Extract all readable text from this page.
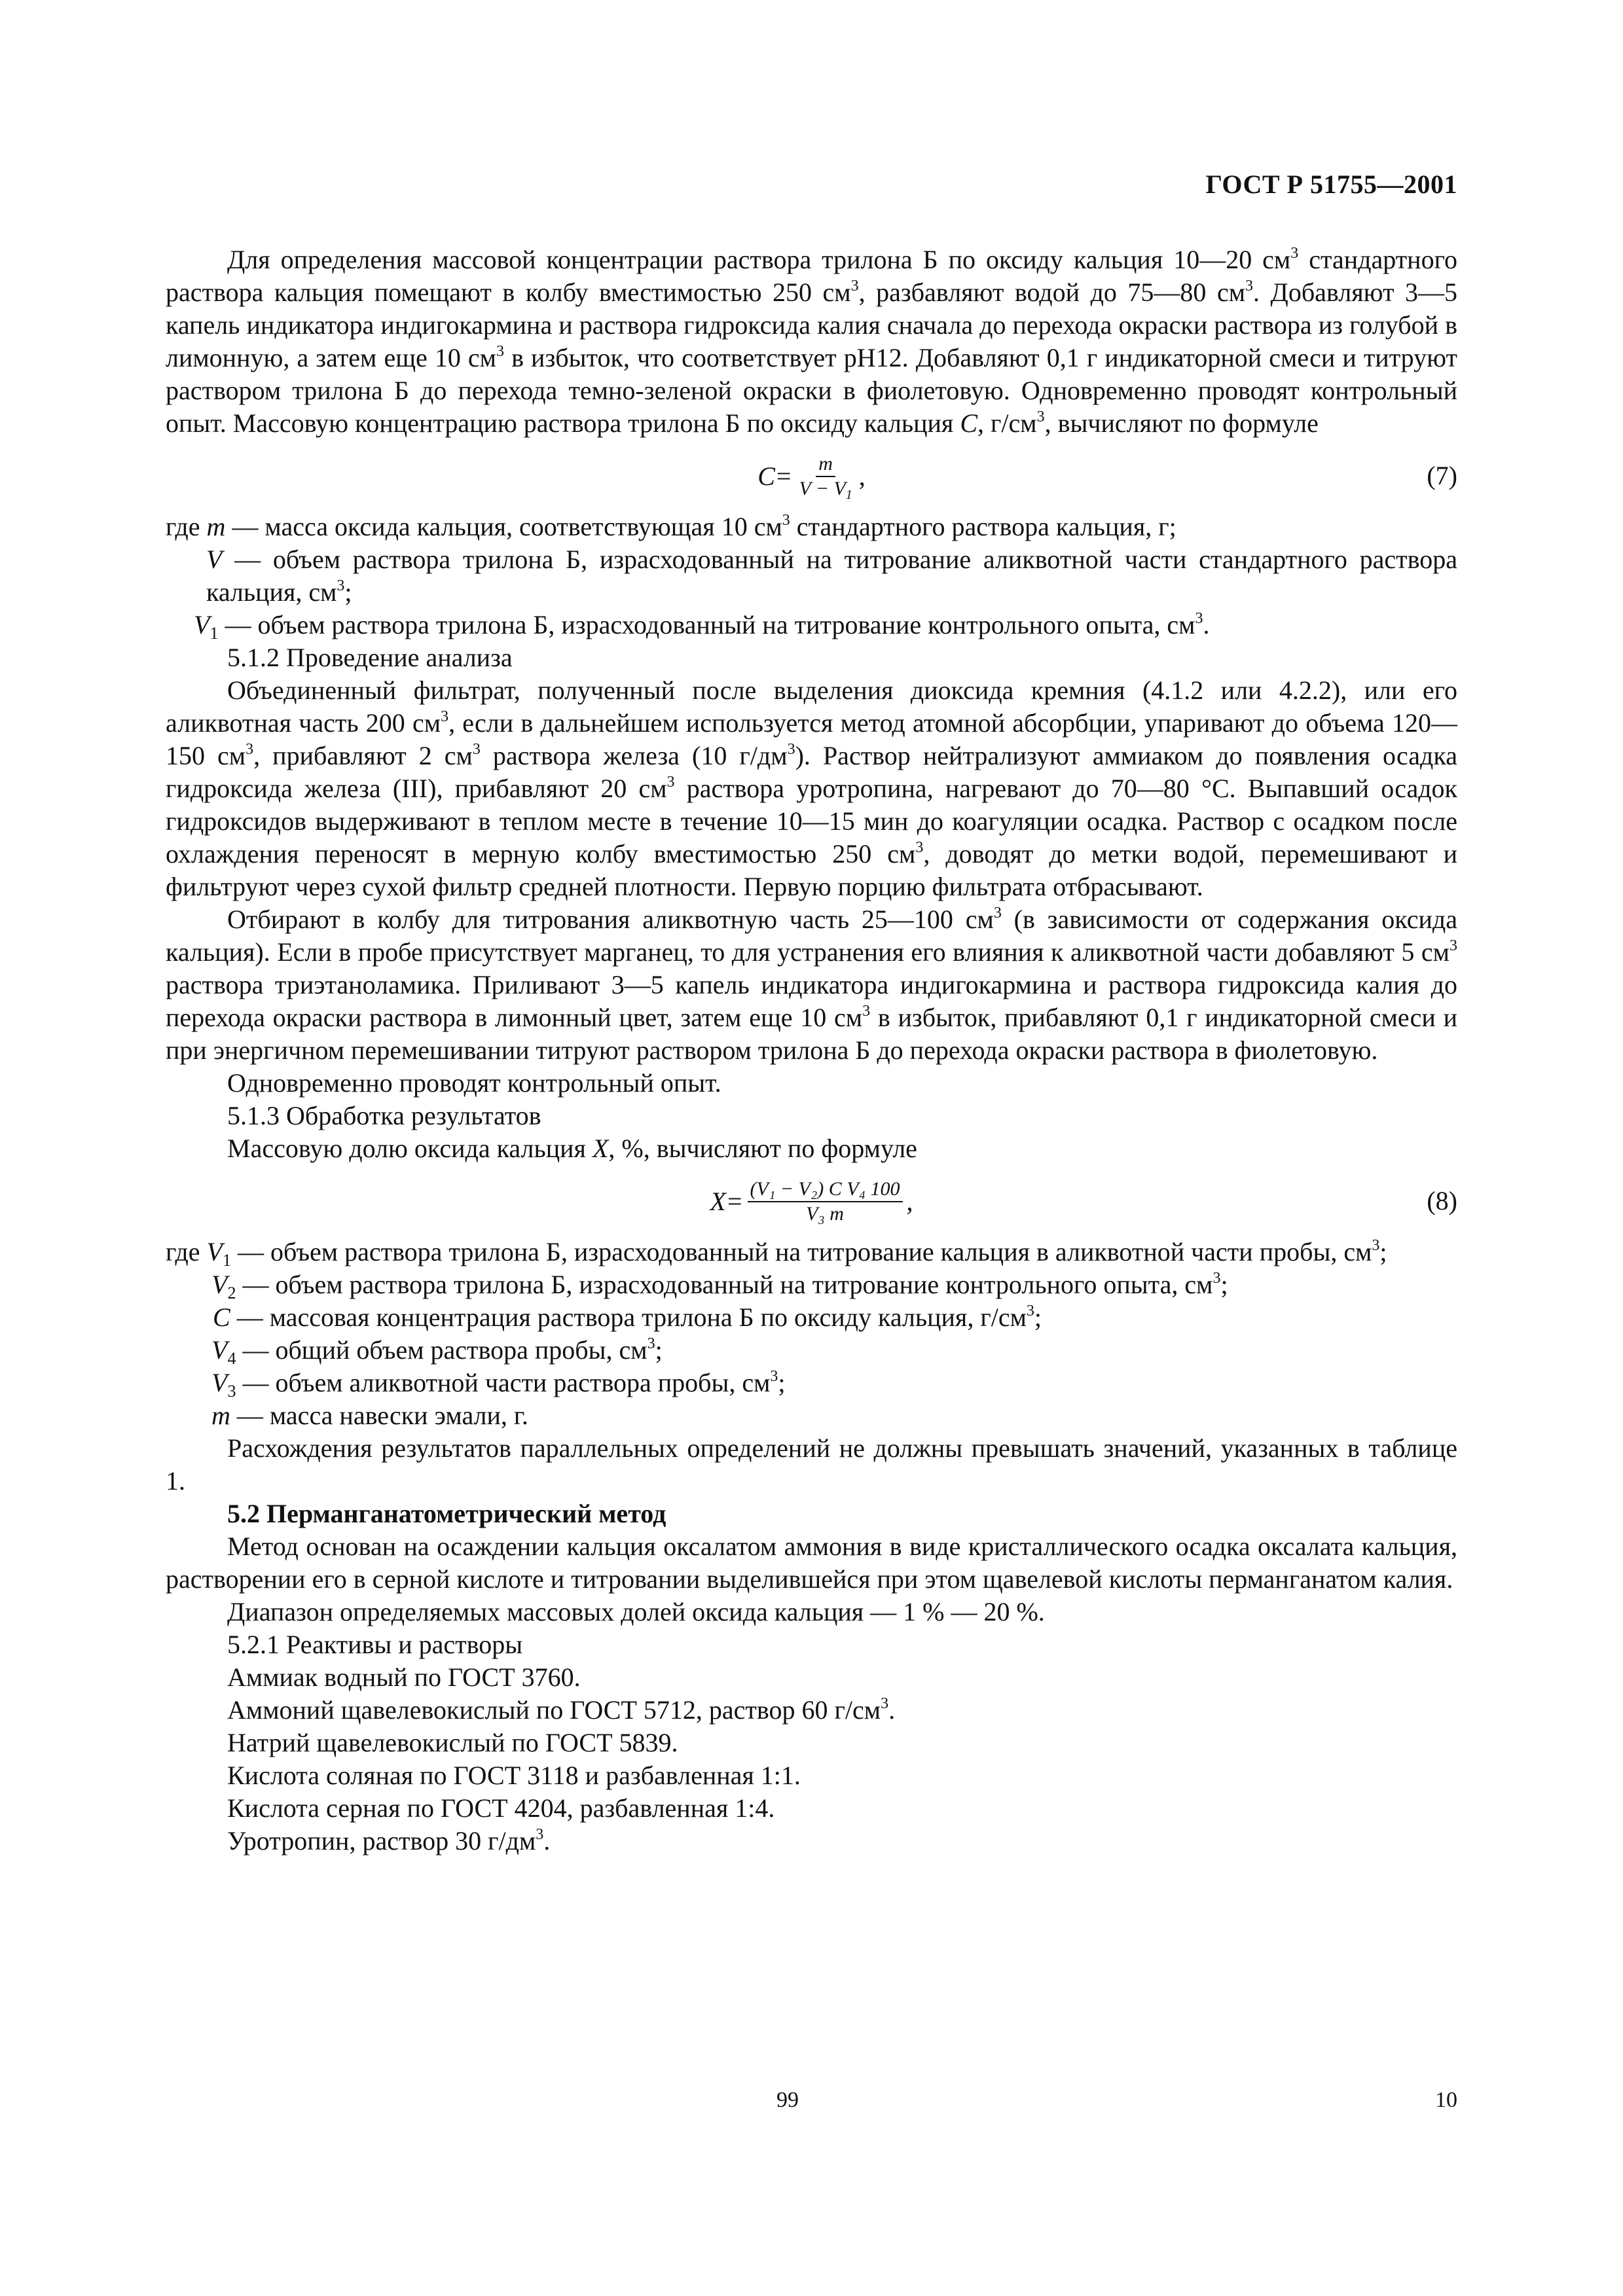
ГОСТ Р 51755—2001

Для определения массовой концентрации раствора трилона Б по оксиду кальция 10—20 $см^3$ стандартного раствора кальция помещают в колбу вместимостью 250 $см^3$, разбавляют водой до 75—80 $см^3$. Добавляют 3—5 капель индикатора индигокармина и раствора гидроксида калия сначала до перехода окраски раствора из голубой в лимонную, а затем еще 10 $см^3$ в избыток, что соответствует pH12. Добавляют 0,1 г индикаторной смеси и титруют раствором трилона Б до перехода темно-зеленой окраски в фиолетовую. Одновременно проводят контрольный опыт. Массовую концентрацию раствора трилона Б по оксиду кальция C, $г/см^3$, вычисляют по формуле

$C = \frac{m}{V - V_1}$ ,	(7)

где m — масса оксида кальция, соответствующая 10 $см^3$ стандартного раствора кальция, г;

V — объем раствора трилона Б, израсходованный на титрование аликвотной части стандартного раствора кальция, $см^3$;

$V_1$ — объем раствора трилона Б, израсходованный на титрование контрольного опыта, $см^3$.

5.1.2 Проведение анализа

Объединенный фильтрат, полученный после выделения диоксида кремния (4.1.2 или 4.2.2), или его аликвотная часть 200 $см^3$, если в дальнейшем используется метод атомной абсорбции, упаривают до объема 120—150 $см^3$, прибавляют 2 $см^3$ раствора железа (10 $г/дм^3$). Раствор нейтрализуют аммиаком до появления осадка гидроксида железа (III), прибавляют 20 $см^3$ раствора уротропина, нагревают до 70—80 °С. Выпавший осадок гидроксидов выдерживают в теплом месте в течение 10—15 мин до коагуляции осадка. Раствор с осадком после охлаждения переносят в мерную колбу вместимостью 250 $см^3$, доводят до метки водой, перемешивают и фильтруют через сухой фильтр средней плотности. Первую порцию фильтрата отбрасывают.

Отбирают в колбу для титрования аликвотную часть 25—100 $см^3$ (в зависимости от содержания оксида кальция). Если в пробе присутствует марганец, то для устранения его влияния к аликвотной части добавляют 5 $см^3$ раствора триэтаноламика. Приливают 3—5 капель индикатора индигокармина и раствора гидроксида калия до перехода окраски раствора в лимонный цвет, затем еще 10 $см^3$ в избыток, прибавляют 0,1 г индикаторной смеси и при энергичном перемешивании титруют раствором трилона Б до перехода окраски раствора в фиолетовую.

Одновременно проводят контрольный опыт.

5.1.3 Обработка результатов

Массовую долю оксида кальция X, %, вычисляют по формуле

$X = \frac{\text{(V₁ − V₂) C V₄ 100}}{\text{V₃ m}}$ ,	(8)

где $V_1$ — объем раствора трилона Б, израсходованный на титрование кальция в аликвотной части пробы, $см^3$;

$V_2$ — объем раствора трилона Б, израсходованный на титрование контрольного опыта, $см^3$;

C — массовая концентрация раствора трилона Б по оксиду кальция, $г/см^3$;

$V_4$ — общий объем раствора пробы, $см^3$;

$V_3$ — объем аликвотной части раствора пробы, $см^3$;

m — масса навески эмали, г.

Расхождения результатов параллельных определений не должны превышать значений, указанных в таблице 1.

5.2 Перманганатометрический метод

Метод основан на осаждении кальция оксалатом аммония в виде кристаллического осадка оксалата кальция, растворении его в серной кислоте и титровании выделившейся при этом щавелевой кислоты перманганатом калия.

Диапазон определяемых массовых долей оксида кальция — 1 % — 20 %.

5.2.1 Реактивы и растворы

Аммиак водный по ГОСТ 3760.

Аммоний щавелевокислый по ГОСТ 5712, раствор 60 $г/см^3$.

Натрий щавелевокислый по ГОСТ 5839.

Кислота соляная по ГОСТ 3118 и разбавленная 1:1.

Кислота серная по ГОСТ 4204, разбавленная 1:4.

Уротропин, раствор 30 $г/дм^3$.

99	10
